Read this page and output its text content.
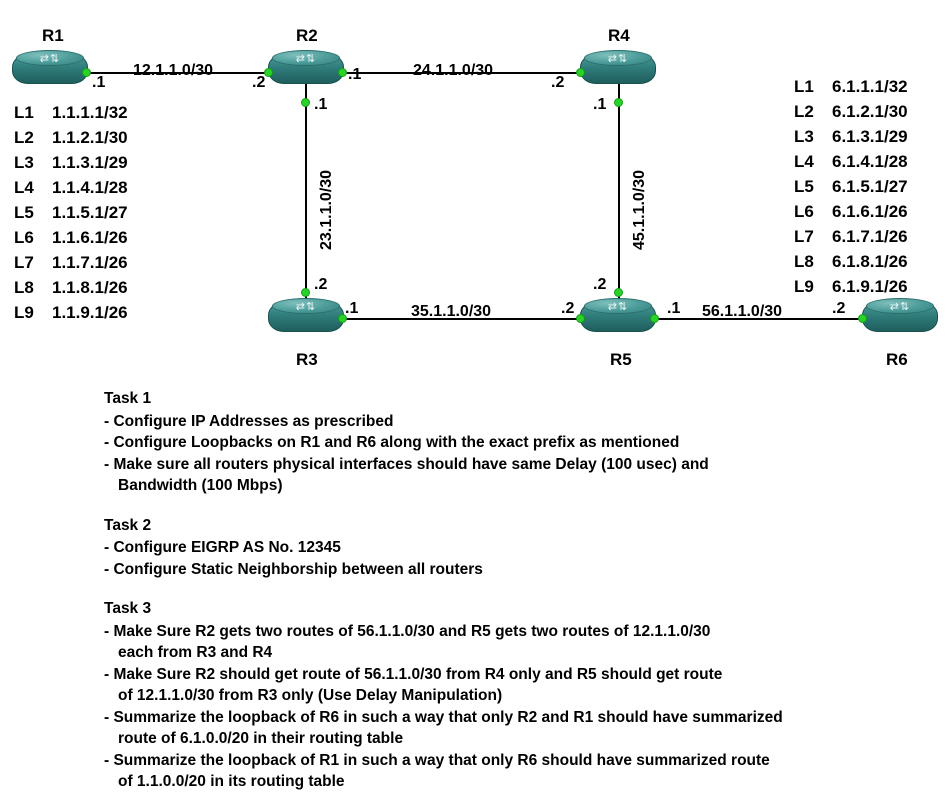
⇄⇅
R1
⇄⇅
R2
⇄⇅
R3
⇄⇅
R4
⇄⇅
R5
⇄⇅
R6
12.1.1.0/30	24.1.1.0/30
23.1.1.0/30	45.1.1.0/30
35.1.1.0/30	56.1.1.0/30
.1	.2	.1	.2
.1
.2
.1
.2
.1	.2	.1	.2
L1 1.1.1.1/32
L2 1.1.2.1/30
L3 1.1.3.1/29
L4 1.1.4.1/28
L5 1.1.5.1/27
L6 1.1.6.1/26
L7 1.1.7.1/26
L8 1.1.8.1/26
L9 1.1.9.1/26
L1 6.1.1.1/32
L2 6.1.2.1/30
L3 6.1.3.1/29
L4 6.1.4.1/28
L5 6.1.5.1/27
L6 6.1.6.1/26
L7 6.1.7.1/26
L8 6.1.8.1/26
L9 6.1.9.1/26
Task 1
- Configure IP Addresses as prescribed
- Configure Loopbacks on R1 and R6 along with the exact prefix as mentioned
- Make sure all routers physical interfaces should have same Delay (100 usec) and
Bandwidth (100 Mbps)
Task 2
- Configure EIGRP AS No. 12345
- Configure Static Neighborship between all routers
Task 3
- Make Sure R2 gets two routes of 56.1.1.0/30 and R5 gets two routes of 12.1.1.0/30
each from R3 and R4
- Make Sure R2 should get route of 56.1.1.0/30 from R4 only and R5 should get route
of 12.1.1.0/30 from R3 only (Use Delay Manipulation)
- Summarize the loopback of R6 in such a way that only R2 and R1 should have summarized
route of 6.1.0.0/20 in their routing table
- Summarize the loopback of R1 in such a way that only R6 should have summarized route
of 1.1.0.0/20 in its routing table
